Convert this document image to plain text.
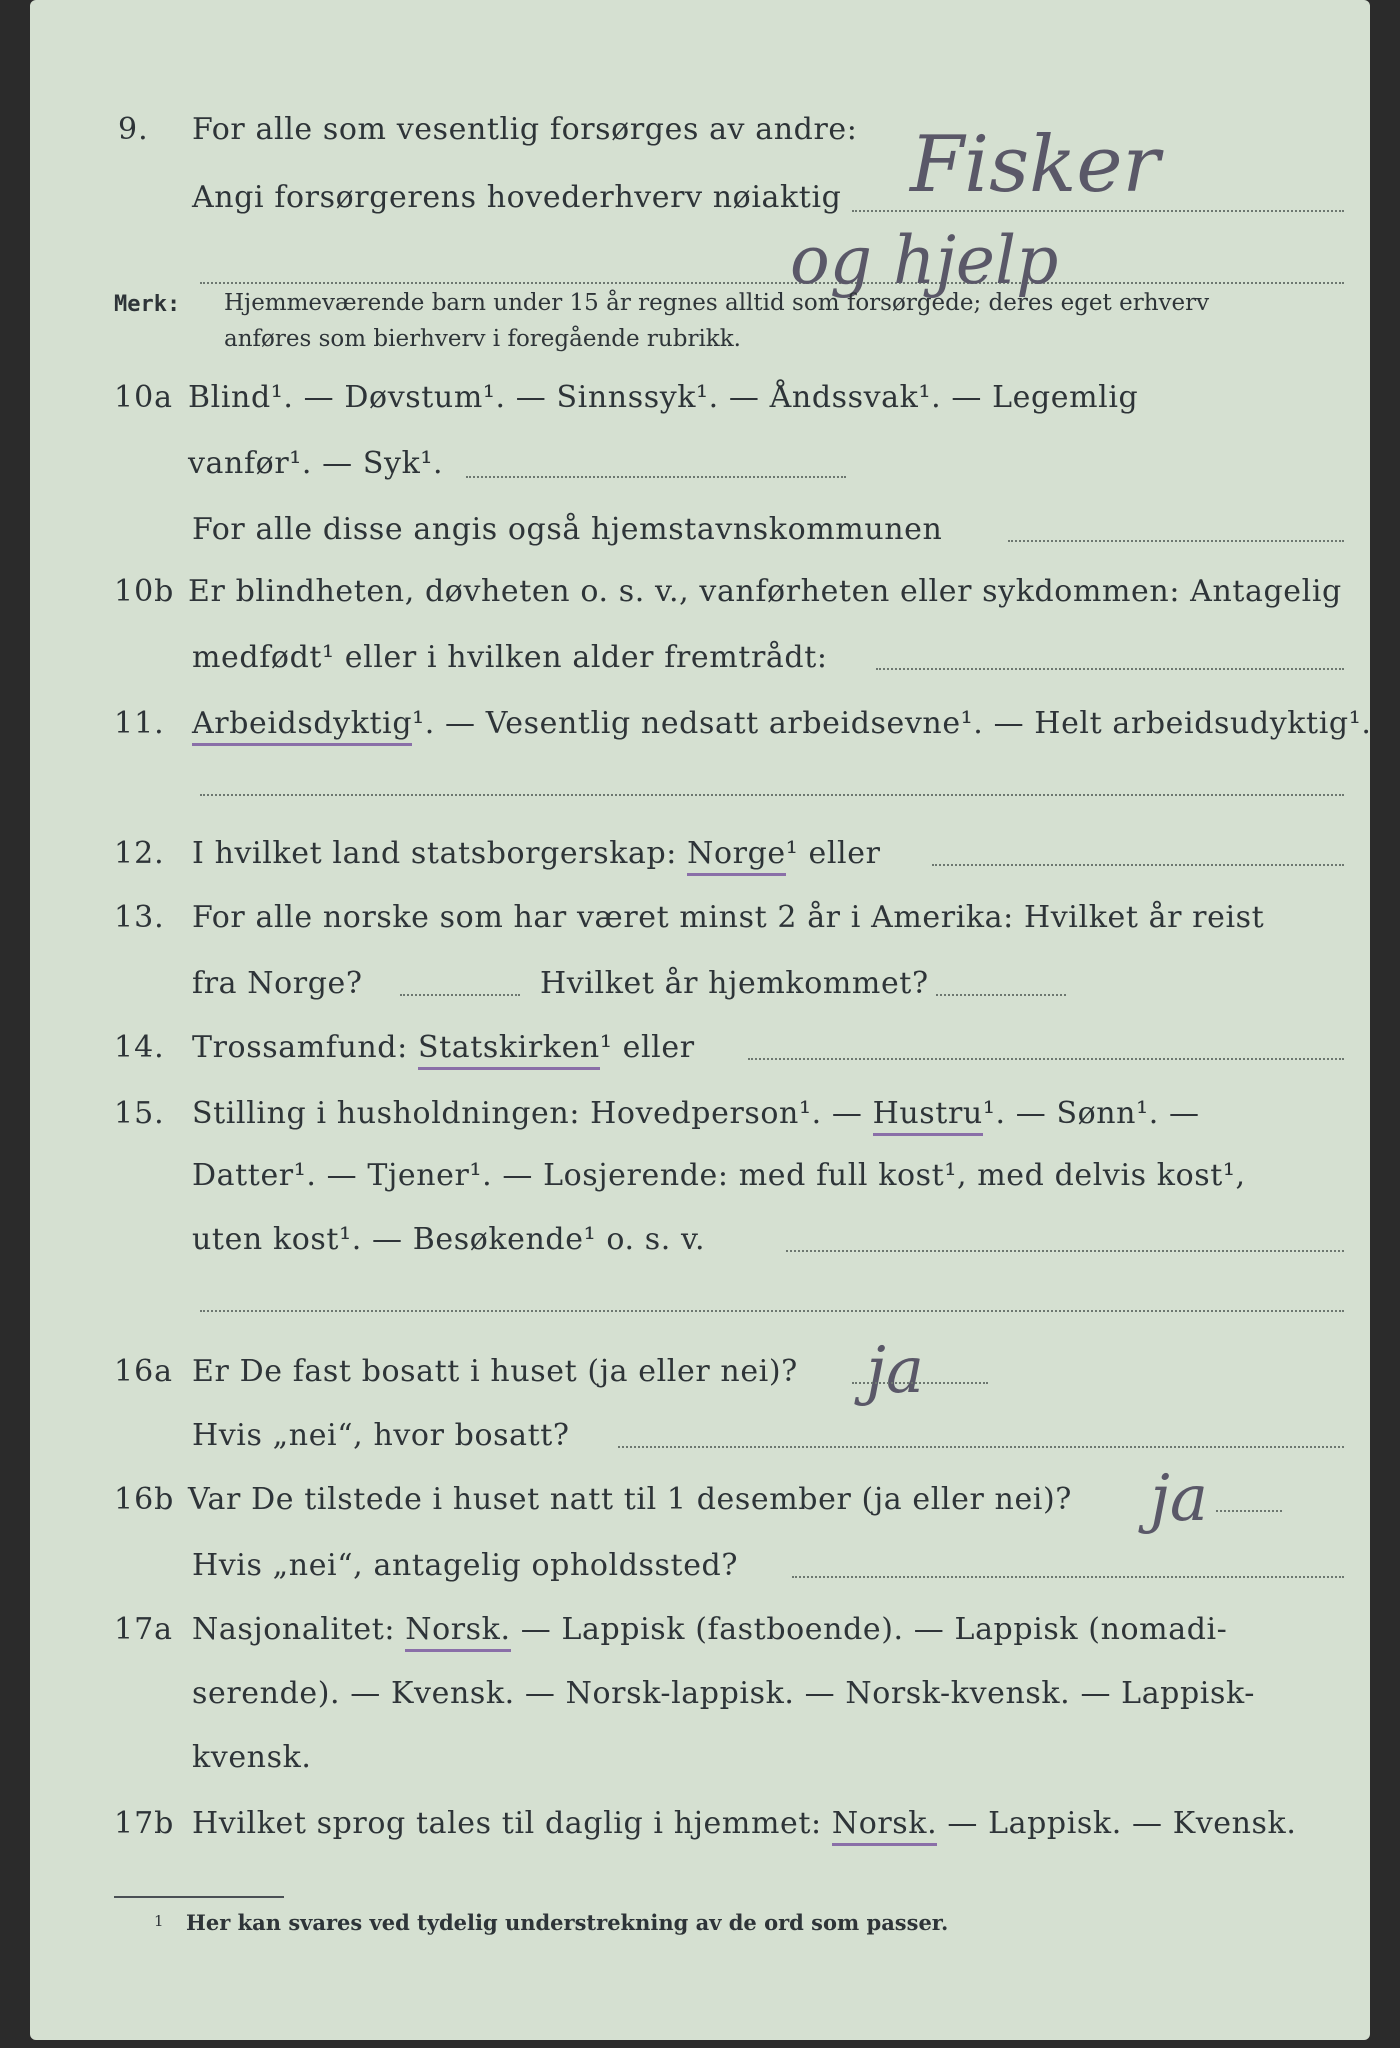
9. For alle som vesentlig forsørges av andre:
Angi forsørgerens hovederhverv nøiaktig Fisker
og hjelp
Merk: Hjemmeværende barn under 15 år regnes alltid som forsørgede; deres eget erhverv
anføres som bierhverv i foregående rubrikk.
10a Blind¹. — Døvstum¹. — Sinnssyk¹. — Åndssvak¹. — Legemlig
vanfør¹. — Syk¹.
For alle disse angis også hjemstavnskommunen
10b Er blindheten, døvheten o. s. v., vanførheten eller sykdommen: Antagelig
medfødt¹ eller i hvilken alder fremtrådt:
11. Arbeidsdyktig¹. — Vesentlig nedsatt arbeidsevne¹. — Helt arbeidsudyktig¹.
12. I hvilket land statsborgerskap: Norge¹ eller
13. For alle norske som har været minst 2 år i Amerika: Hvilket år reist
fra Norge?	Hvilket år hjemkommet?
14. Trossamfund: Statskirken¹ eller
15. Stilling i husholdningen: Hovedperson¹. — Hustru¹. — Sønn¹. —
Datter¹. — Tjener¹. — Losjerende: med full kost¹, med delvis kost¹,
uten kost¹. — Besøkende¹ o. s. v.
16a Er De fast bosatt i huset (ja eller nei)? ja
Hvis „nei“, hvor bosatt?
16b Var De tilstede i huset natt til 1 desember (ja eller nei)? ja
Hvis „nei“, antagelig opholdssted?
17a Nasjonalitet: Norsk. — Lappisk (fastboende). — Lappisk (nomadi-
serende). — Kvensk. — Norsk-lappisk. — Norsk-kvensk. — Lappisk-
kvensk.
17b Hvilket sprog tales til daglig i hjemmet: Norsk. — Lappisk. — Kvensk.
1 Her kan svares ved tydelig understrekning av de ord som passer.
